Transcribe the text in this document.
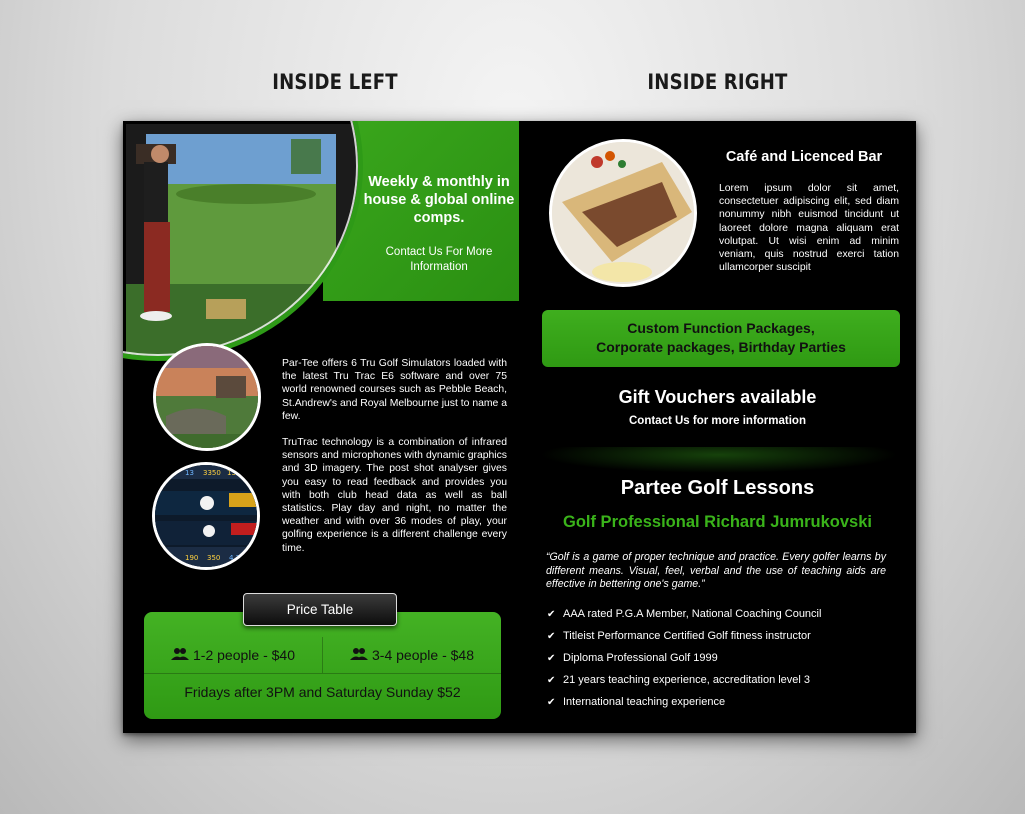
INSIDE LEFT	INSIDE RIGHT
Weekly & monthly in house & global online comps.
Contact Us For More Information
13 3350 13
4	190 350 4.3

Par-Tee offers 6 Tru Golf Simulators loaded with the latest Tru Trac E6 software and over 75 world renowned courses such as Pebble Beach, St.Andrew's and Royal Melbourne just to name a few.

TruTrac technology is a combination of infrared sensors and microphones with dynamic graphics and 3D imagery. The post shot analyser gives you easy to read feedback and provides you with both club head data as well as ball statistics. Play day and night, no matter the weather and with over 36 modes of play, your golfing experience is a different challenge every time.

Price Table
1-2 people - $40	3-4 people - $48
Fridays after 3PM and Saturday Sunday $52
Café and Licenced Bar

Lorem ipsum dolor sit amet, consectetuer adipiscing elit, sed diam nonummy nibh euismod tincidunt ut laoreet dolore magna aliquam erat volutpat. Ut wisi enim ad minim veniam, quis nostrud exerci tation ullamcorper suscipit

Custom Function Packages,
Corporate packages, Birthday Parties
Gift Vouchers available
Contact Us for more information
Partee Golf Lessons
Golf Professional Richard Jumrukovski

“Golf is a game of proper technique and practice. Every golfer learns by different means. Visual, feel, verbal and the use of teaching aids are effective in bettering one's game.”

✔ AAA rated P.G.A Member, National Coaching Council
✔ Titleist Performance Certified Golf fitness instructor
✔ Diploma Professional Golf 1999
✔ 21 years teaching experience, accreditation level 3
✔ International teaching experience
